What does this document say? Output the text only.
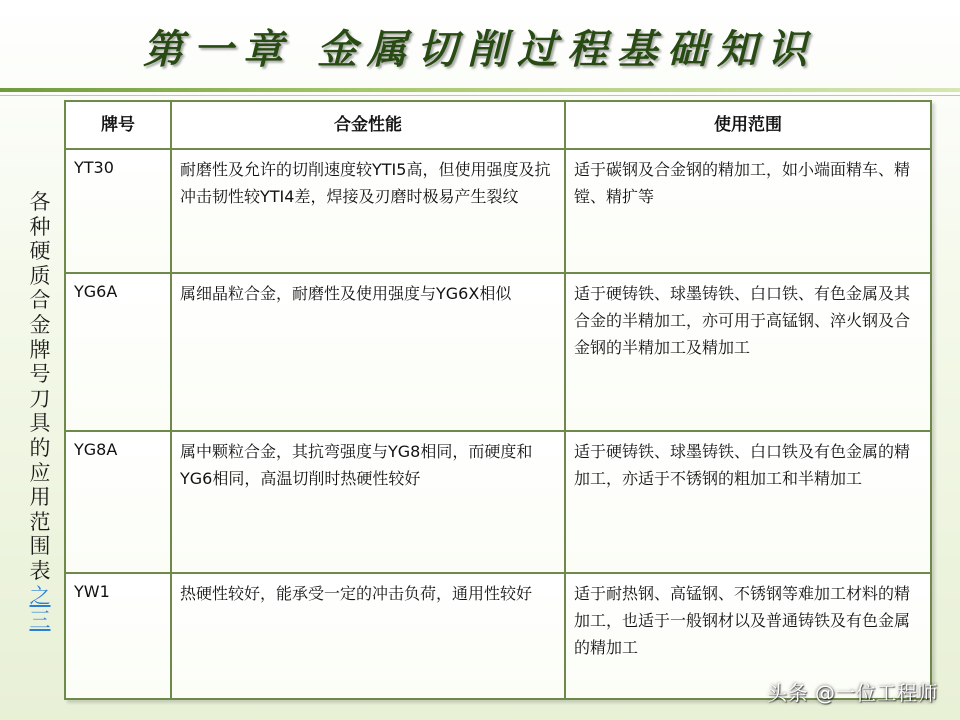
第一章 金属切削过程基础知识
各种硬质合金牌号刀具的应用范围表之三
牌号	合金性能	使用范围
YT30	耐磨性及允许的切削速度较YTI5高，但使用强度及抗冲击韧性较YTI4差，焊接及刃磨时极易产生裂纹	适于碳钢及合金钢的精加工，如小端面精车、精镗、精扩等
YG6A	属细晶粒合金，耐磨性及使用强度与YG6X相似	适于硬铸铁、球墨铸铁、白口铁、有色金属及其合金的半精加工，亦可用于高锰钢、淬火钢及合金钢的半精加工及精加工
YG8A	属中颗粒合金，其抗弯强度与YG8相同，而硬度和YG6相同，高温切削时热硬性较好	适于硬铸铁、球墨铸铁、白口铁及有色金属的精加工，亦适于不锈钢的粗加工和半精加工
YW1	热硬性较好，能承受一定的冲击负荷，通用性较好	适于耐热钢、高锰钢、不锈钢等难加工材料的精加工，也适于一般钢材以及普通铸铁及有色金属的精加工
头条 @一位工程师
